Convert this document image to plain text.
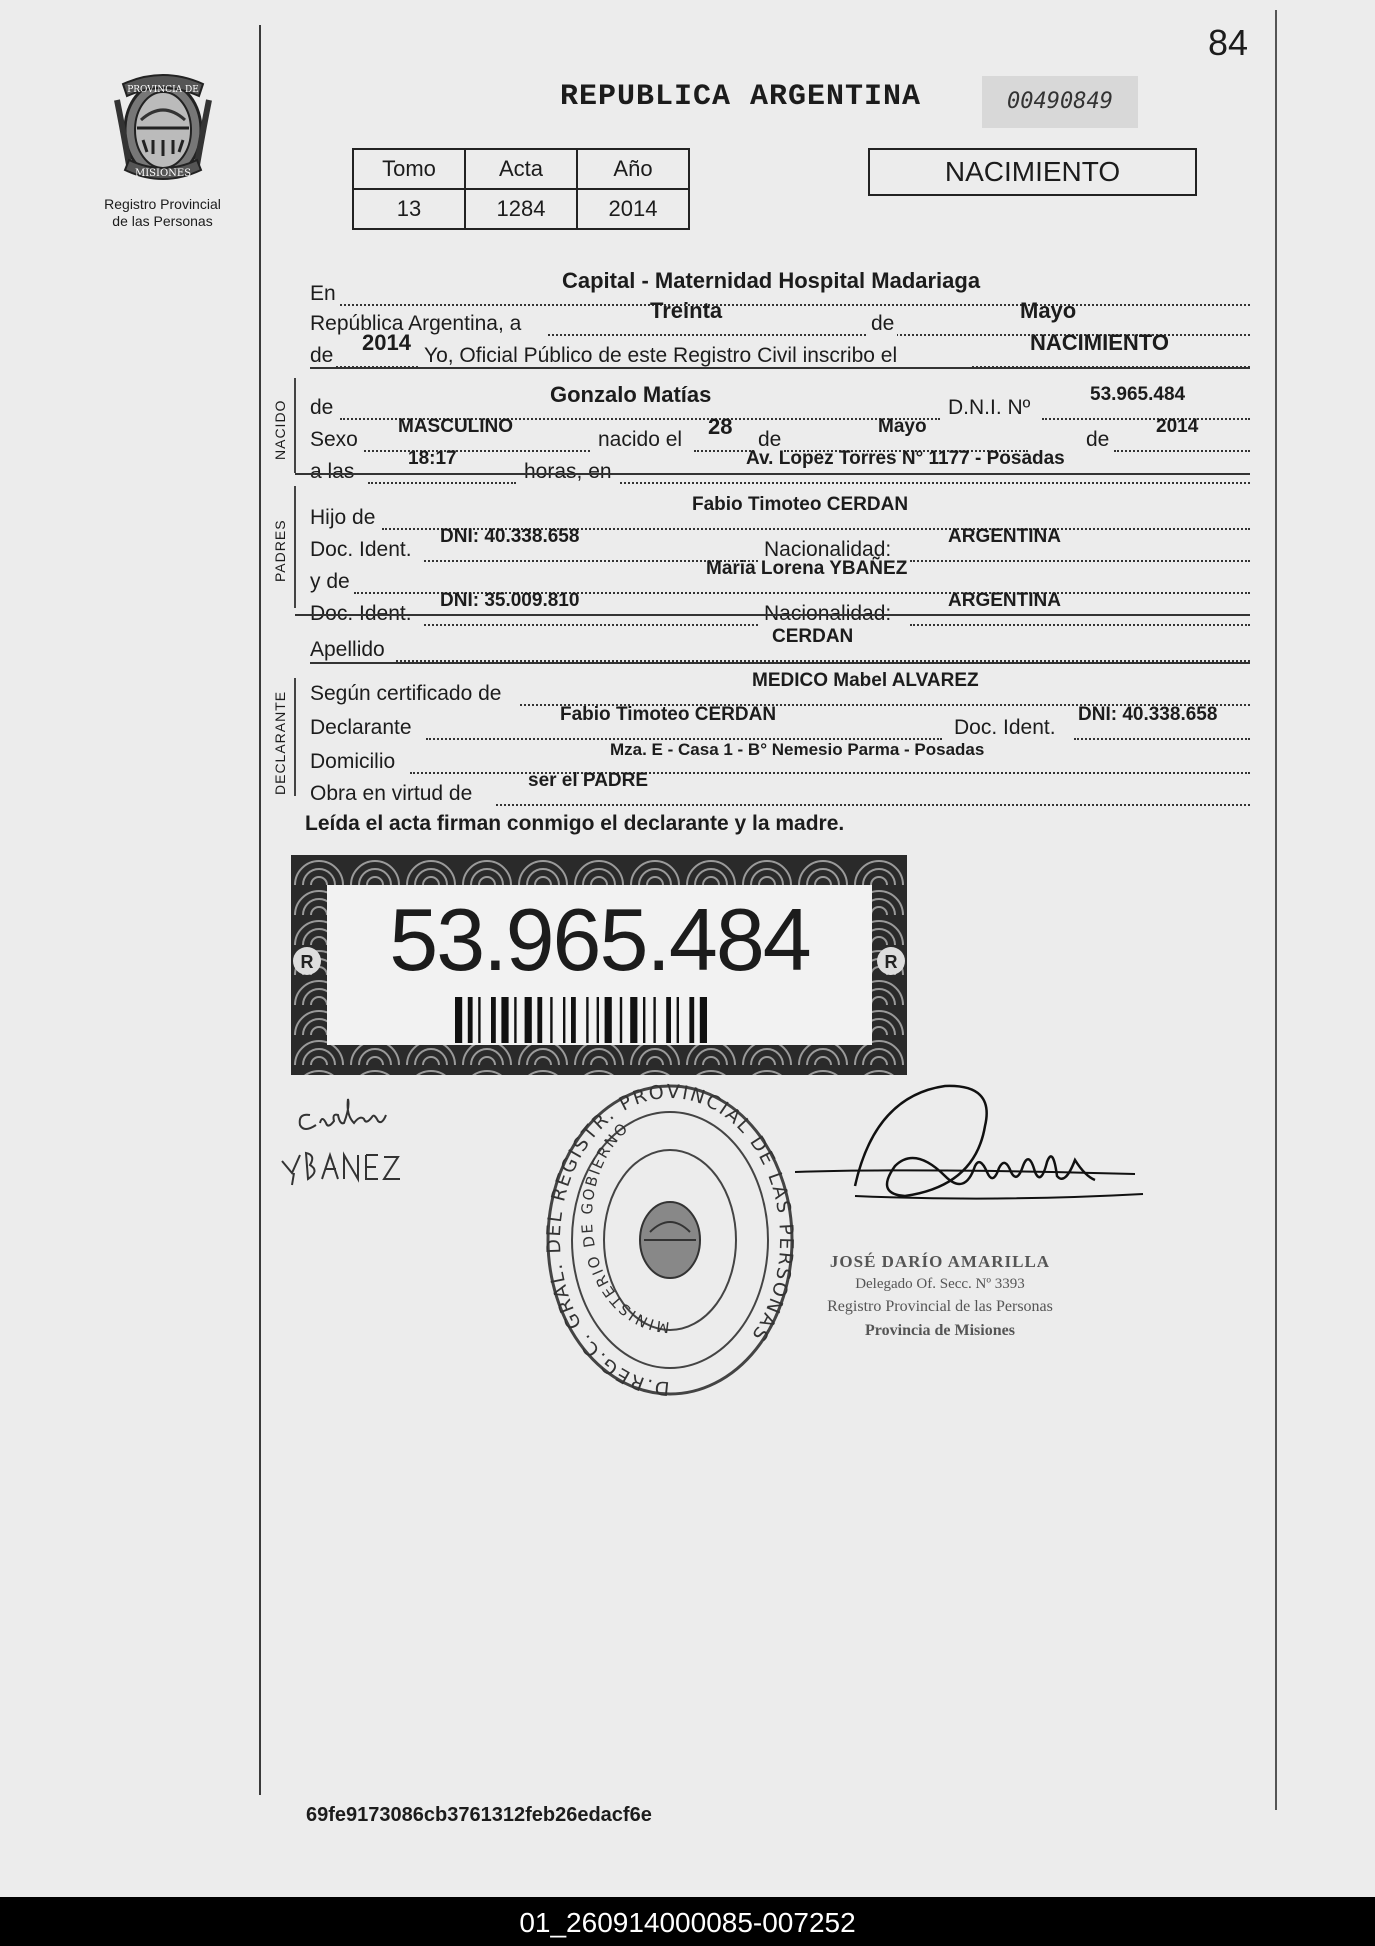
PROVINCIA DE
MISIONES
Registro Provincial
de las Personas
84
REPUBLICA ARGENTINA	00490849
Tomo	Acta	Año
13	1284	2014
NACIMIENTO
En
Capital - Maternidad Hospital Madariaga
República Argentina, a
Treinta
de
Mayo
de
2014
Yo, Oficial Público de este Registro Civil inscribo el
NACIMIENTO
NACIDO de
Gonzalo Matías
D.N.I. Nº
53.965.484
Sexo
MASCULINO
nacido el
28
de
Mayo
de
2014
a las
18:17
horas, en
Av. Lopez Torres N° 1177 - Posadas
PADRES
Hijo de
Fabio Timoteo CERDAN
Doc. Ident.
DNI: 40.338.658
Nacionalidad:
ARGENTINA
y de
Maria Lorena YBAÑEZ
Doc. Ident.
DNI: 35.009.810
Nacionalidad:
ARGENTINA
Apellido
CERDAN
DECLARANTE Según certificado de
MEDICO Mabel ALVAREZ
Declarante
Fabio Timoteo CERDAN
Doc. Ident.
DNI: 40.338.658
Domicilio
Mza. E - Casa 1 - B° Nemesio Parma - Posadas
Obra en virtud de
ser el PADRE
Leída el acta firman conmigo el declarante y la madre.
R	R
53.965.484
D.REG.C. GRAL. DEL REGISTR. PROVINCIAL DE LAS PERSONAS
MINISTERIO DE GOBIERNO
JOSÉ DARÍO AMARILLA
Delegado Of. Secc. Nº 3393
Registro Provincial de las Personas
Provincia de Misiones
69fe9173086cb3761312feb26edacf6e
01_260914000085-007252
